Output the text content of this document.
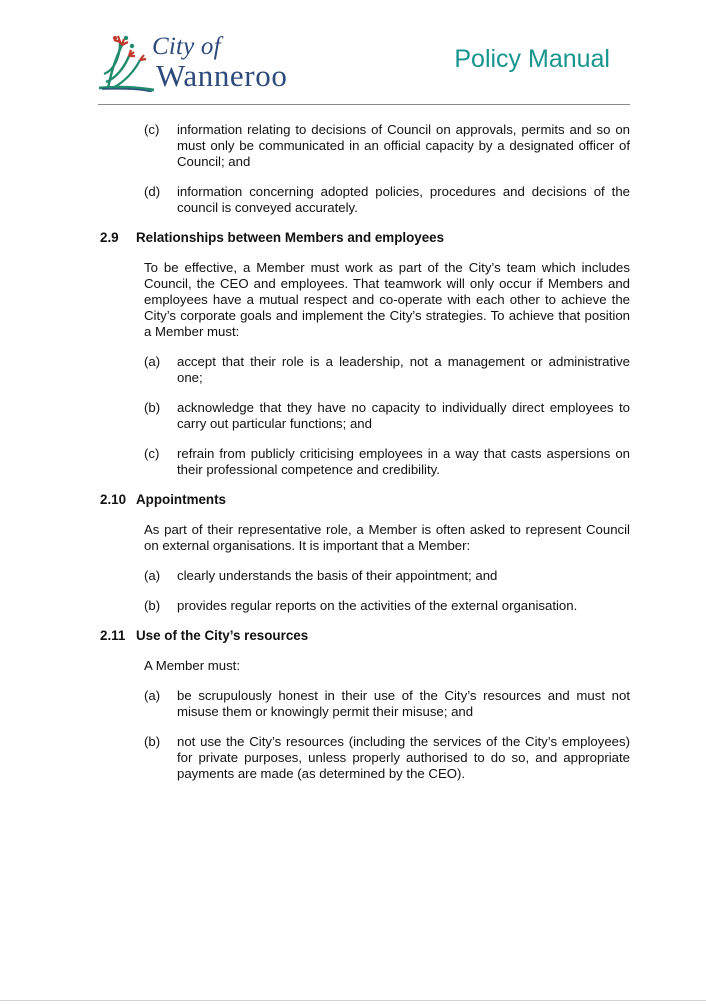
City of
Wanneroo	Policy Manual
(c) information relating to decisions of Council on approvals, permits and so on must only be communicated in an official capacity by a designated officer of Council; and
(d) information concerning adopted policies, procedures and decisions of the council is conveyed accurately.
2.9 Relationships between Members and employees
To be effective, a Member must work as part of the City’s team which includes Council, the CEO and employees. That teamwork will only occur if Members and employees have a mutual respect and co-operate with each other to achieve the City’s corporate goals and implement the City’s strategies. To achieve that position a Member must:
(a) accept that their role is a leadership, not a management or administrative one;
(b) acknowledge that they have no capacity to individually direct employees to carry out particular functions; and
(c) refrain from publicly criticising employees in a way that casts aspersions on their professional competence and credibility.
2.10 Appointments
As part of their representative role, a Member is often asked to represent Council on external organisations. It is important that a Member:
(a) clearly understands the basis of their appointment; and
(b) provides regular reports on the activities of the external organisation.
2.11 Use of the City’s resources
A Member must:
(a) be scrupulously honest in their use of the City’s resources and must not misuse them or knowingly permit their misuse; and
(b) not use the City’s resources (including the services of the City’s employees) for private purposes, unless properly authorised to do so, and appropriate payments are made (as determined by the CEO).
